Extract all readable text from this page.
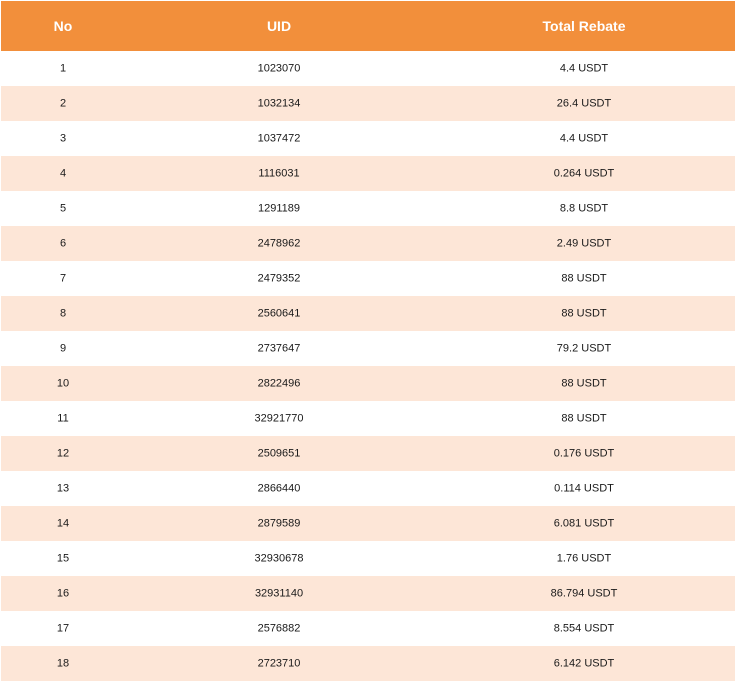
No	UID	Total Rebate
1	1023070	4.4 USDT
2	1032134	26.4 USDT
3	1037472	4.4 USDT
4	1116031	0.264 USDT
5	1291189	8.8 USDT
6	2478962	2.49 USDT
7	2479352	88 USDT
8	2560641	88 USDT
9	2737647	79.2 USDT
10	2822496	88 USDT
11	32921770	88 USDT
12	2509651	0.176 USDT
13	2866440	0.114 USDT
14	2879589	6.081 USDT
15	32930678	1.76 USDT
16	32931140	86.794 USDT
17	2576882	8.554 USDT
18	2723710	6.142 USDT
